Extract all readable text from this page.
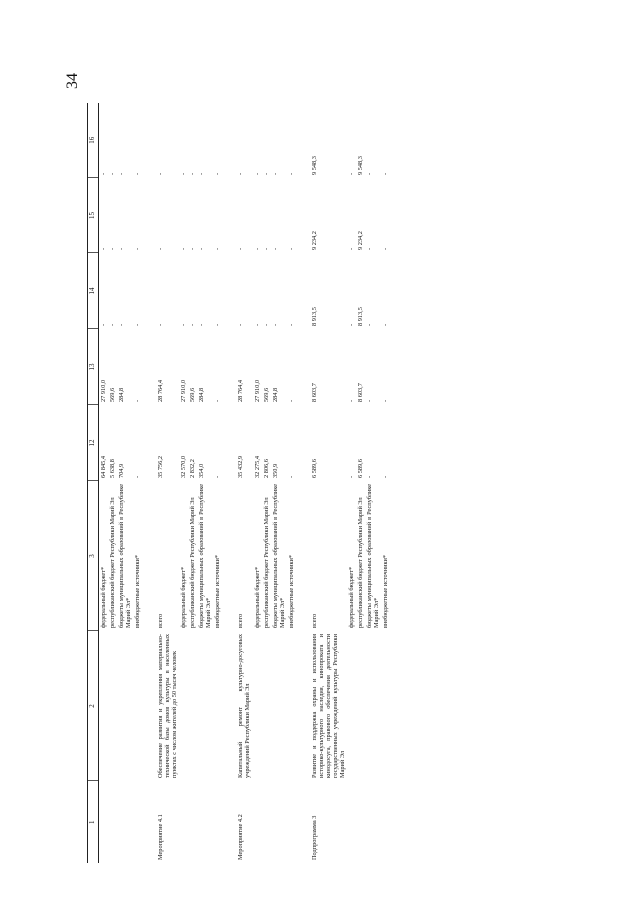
34
1	2	3	12	13	14	15	16
		федеральный бюджет*	64 845,4	27 910,0	-	-	-
		республиканский бюджет Республики Марий Эл	5 638,8	569,6	-	-	-
		бюджеты муниципальных образований в Республике Марий Эл*	704,9	284,8	-	-	-
		внебюджетные источники*	-	-	-	-	-

Мероприятие 4.1	Обеспечение развития и укрепления материально-технической базы домов культуры в населенных пунктах с числом жителей до 50 тысяч человек	всего	35 756,2	28 764,4	-	-	-
		федеральный бюджет*	32 570,0	27 910,0	-	-	-
		республиканский бюджет Республики Марий Эл	2 832,2	569,6	-	-	-
		бюджеты муниципальных образований в Республике Марий Эл*	354,0	284,8	-	-	-
		внебюджетные источники*	-	-	-	-	-

Мероприятие 4.2	Капитальный ремонт культурно-досуговых учреждений Республики Марий Эл	всего	35 432,9	28 764,4	-	-	-
		федеральный бюджет*	32 275,4	27 910,0	-	-	-
		республиканский бюджет Республики Марий Эл	2 806,6	569,6	-	-	-
		бюджеты муниципальных образований в Республике Марий Эл*	350,9	284,8	-	-	-
		внебюджетные источники*	-	-	-	-	-

Подпрограмма 3	Развитие и поддержка охраны и использования историко-культурного наследия, кинопроката и кинодосуга, правового обеспечения деятельности государственных учреждений культуры Республики Марий Эл	всего	6 589,6	8 603,7	8 913,5	9 234,2	9 548,3
		федеральный бюджет*	-	-	-	-	-
		республиканский бюджет Республики Марий Эл	6 589,6	8 603,7	8 913,5	9 234,2	9 548,3
		бюджеты муниципальных образований в Республике Марий Эл*	-	-	-	-	-
		внебюджетные источники*	-	-	-	-	-
